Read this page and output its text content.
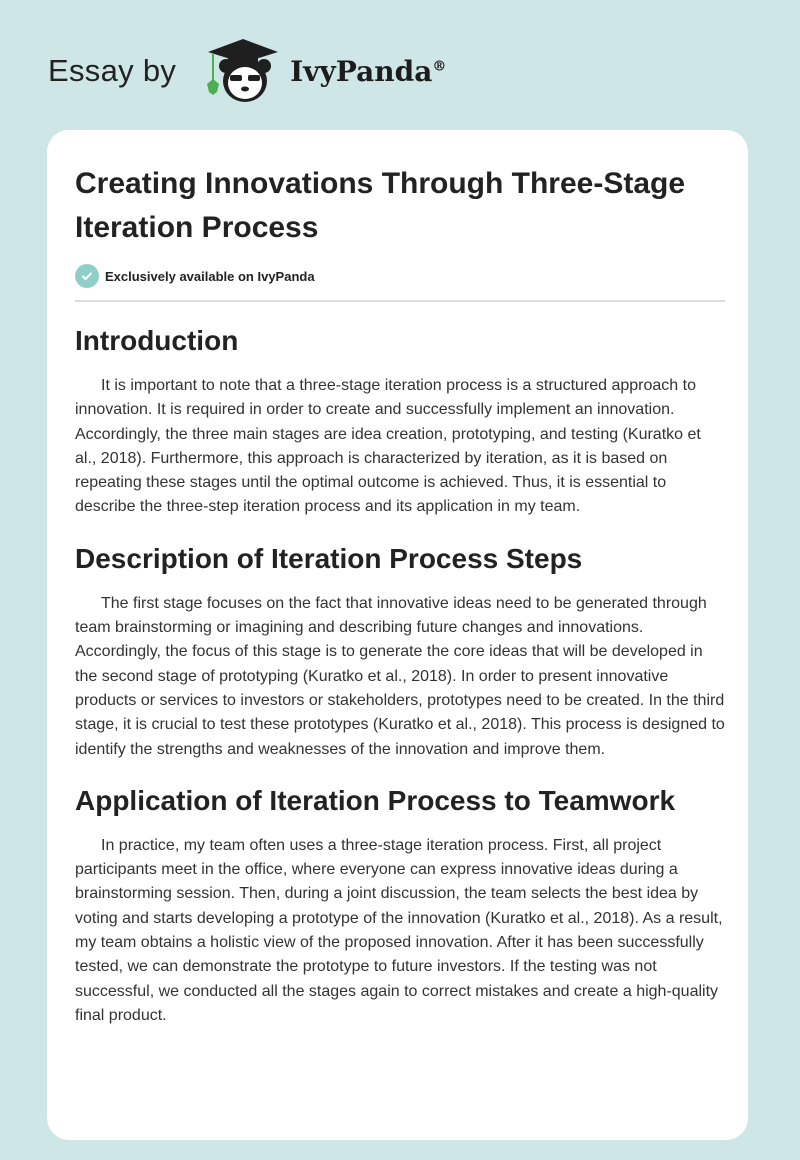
Essay by	IvyPanda®
Creating Innovations Through Three-Stage Iteration Process
Exclusively available on IvyPanda
Introduction

It is important to note that a three-stage iteration process is a structured approach to innovation. It is required in order to create and successfully implement an innovation. Accordingly, the three main stages are idea creation, prototyping, and testing (Kuratko et al., 2018). Furthermore, this approach is characterized by iteration, as it is based on repeating these stages until the optimal outcome is achieved. Thus, it is essential to describe the three-step iteration process and its application in my team.

Description of Iteration Process Steps

The first stage focuses on the fact that innovative ideas need to be generated through team brainstorming or imagining and describing future changes and innovations. Accordingly, the focus of this stage is to generate the core ideas that will be developed in the second stage of prototyping (Kuratko et al., 2018). In order to present innovative products or services to investors or stakeholders, prototypes need to be created. In the third stage, it is crucial to test these prototypes (Kuratko et al., 2018). This process is designed to identify the strengths and weaknesses of the innovation and improve them.

Application of Iteration Process to Teamwork

In practice, my team often uses a three-stage iteration process. First, all project participants meet in the office, where everyone can express innovative ideas during a brainstorming session. Then, during a joint discussion, the team selects the best idea by voting and starts developing a prototype of the innovation (Kuratko et al., 2018). As a result, my team obtains a holistic view of the proposed innovation. After it has been successfully tested, we can demonstrate the prototype to future investors. If the testing was not successful, we conducted all the stages again to correct mistakes and create a high-quality final product.
